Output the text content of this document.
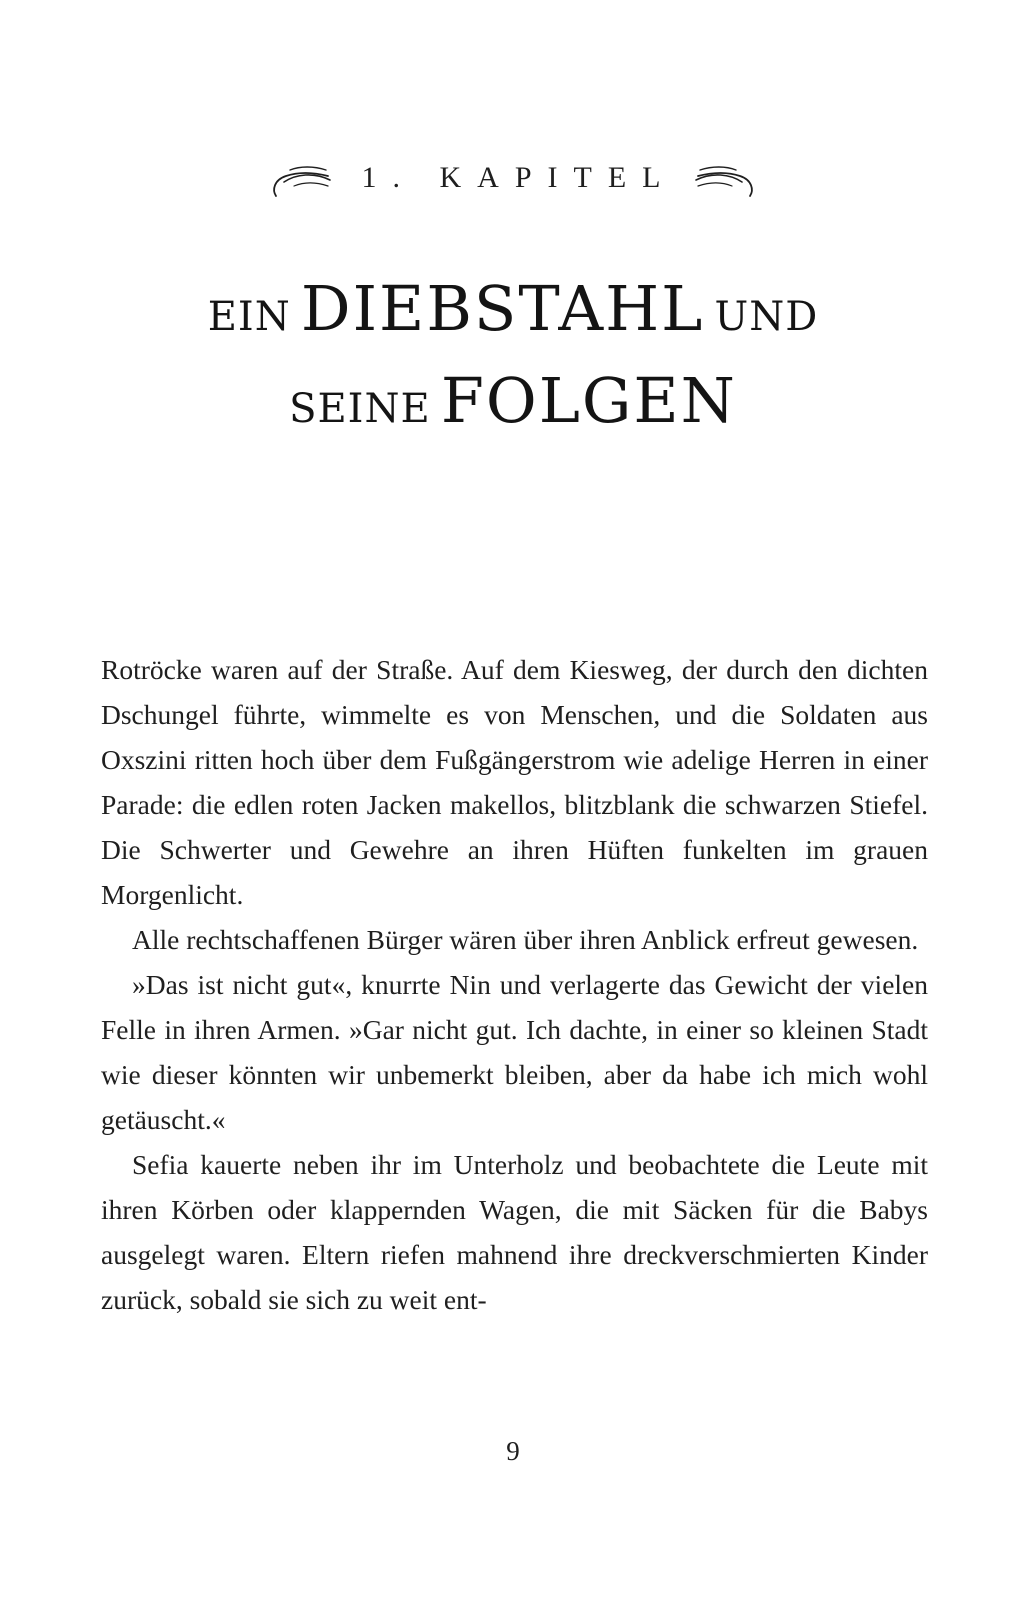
1. KAPITEL
EIN DIEBSTAHL UND
SEINE FOLGEN

Rotröcke waren auf der Straße. Auf dem Kiesweg, der durch den dichten Dschungel führte, wimmelte es von Menschen, und die Soldaten aus Oxszini ritten hoch über dem Fußgängerstrom wie adelige Herren in einer Parade: die edlen roten Jacken makellos, blitzblank die schwarzen Stiefel. Die Schwerter und Gewehre an ihren Hüften funkelten im grauen Morgenlicht.

Alle rechtschaffenen Bürger wären über ihren Anblick erfreut gewesen.

»Das ist nicht gut«, knurrte Nin und verlagerte das Gewicht der vielen Felle in ihren Armen. »Gar nicht gut. Ich dachte, in einer so kleinen Stadt wie dieser könnten wir unbemerkt bleiben, aber da habe ich mich wohl getäuscht.«

Sefia kauerte neben ihr im Unterholz und beobachtete die Leute mit ihren Körben oder klappernden Wagen, die mit Säcken für die Babys ausgelegt waren. Eltern riefen mahnend ihre dreckverschmierten Kinder zurück, sobald sie sich zu weit ent-

9
